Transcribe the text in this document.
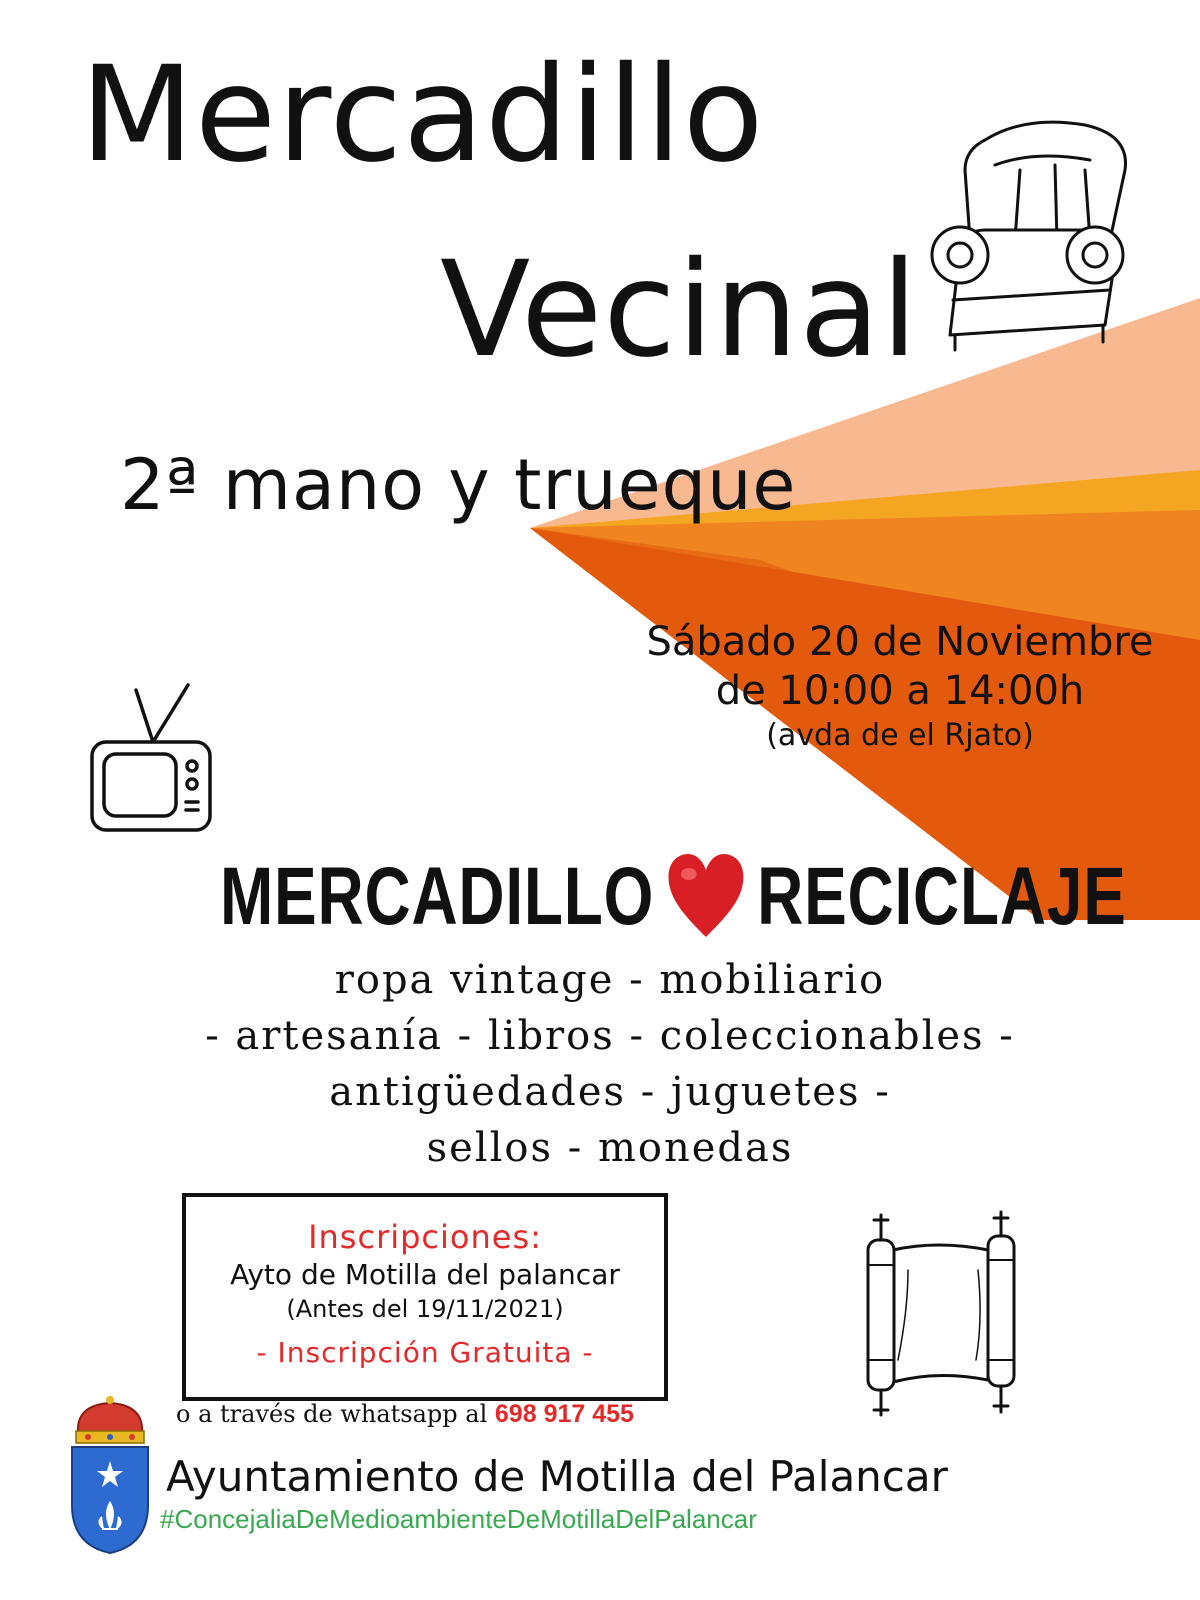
Mercadillo
Vecinal
2ª mano y trueque
Sábado 20 de Noviembre
de 10:00 a 14:00h
(avda de el Rjato)
MERCADILLO RECICLAJE
ropa vintage - mobiliario
- artesanía - libros - coleccionables -
antigüedades - juguetes -
sellos - monedas
Inscripciones:
Ayto de Motilla del palancar
(Antes del 19/11/2021)
- Inscripción Gratuita -
o a través de whatsapp al 698 917 455
Ayuntamiento de Motilla del Palancar
#ConcejaliaDeMedioambienteDeMotillaDelPalancar
